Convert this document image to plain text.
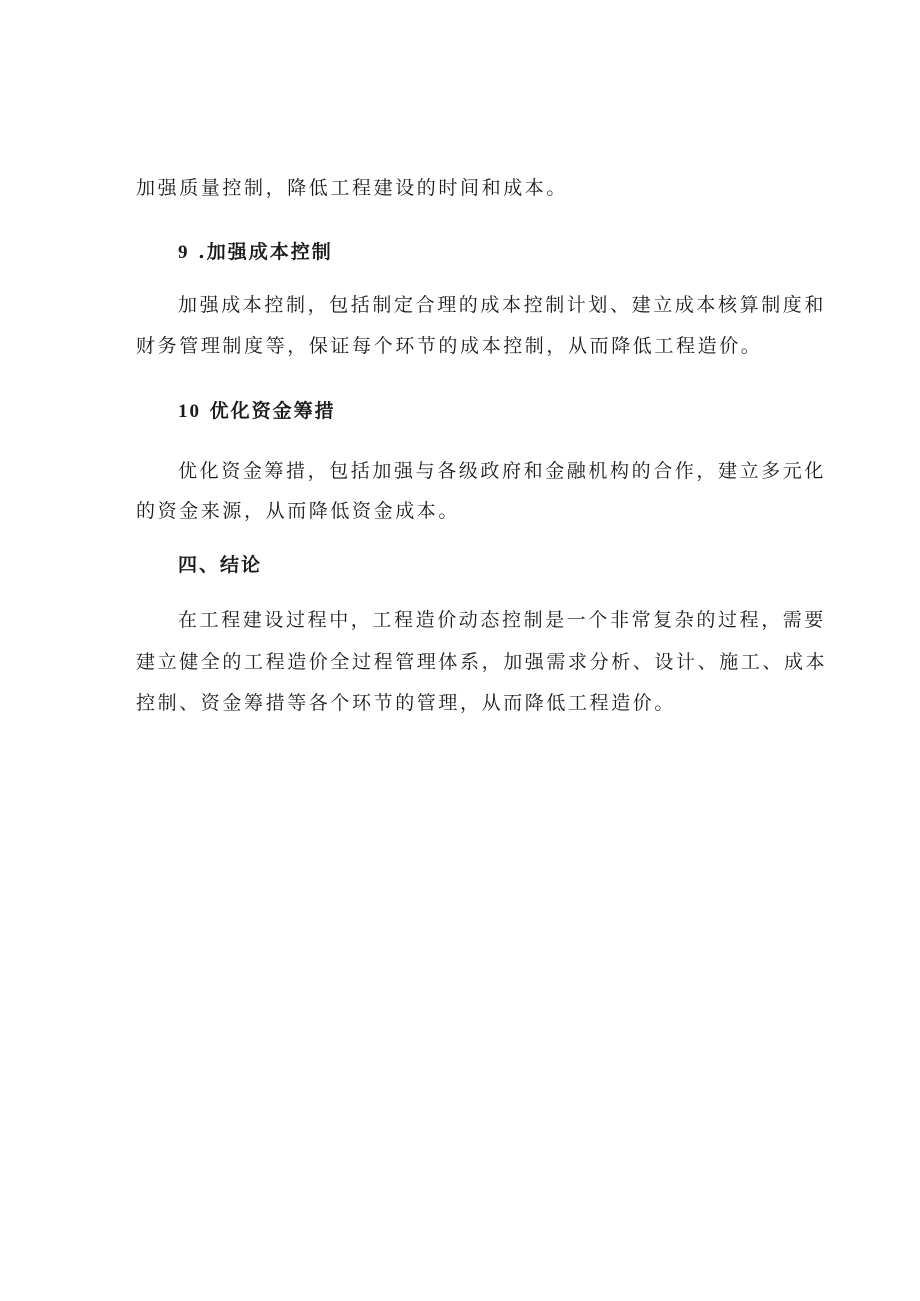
加强质量控制，降低工程建设的时间和成本。
9 .加强成本控制
加强成本控制，包括制定合理的成本控制计划、建立成本核算制度和
财务管理制度等，保证每个环节的成本控制，从而降低工程造价。
10 优化资金筹措
优化资金筹措，包括加强与各级政府和金融机构的合作，建立多元化
的资金来源，从而降低资金成本。
四、结论
在工程建设过程中，工程造价动态控制是一个非常复杂的过程，需要
建立健全的工程造价全过程管理体系，加强需求分析、设计、施工、成本
控制、资金筹措等各个环节的管理，从而降低工程造价。
